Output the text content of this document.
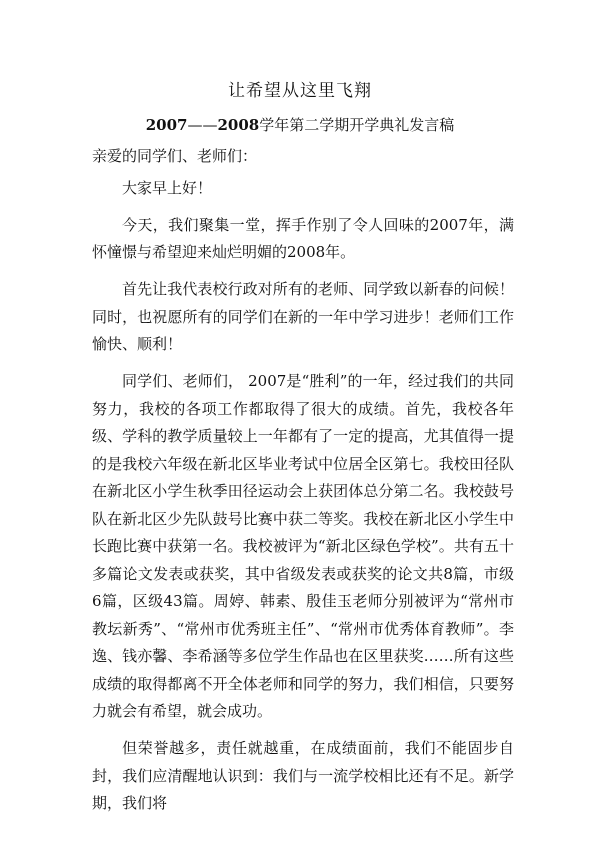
让希望从这里飞翔
2007——2008学年第二学期开学典礼发言稿

亲爱的同学们、老师们：

大家早上好！

今天，我们聚集一堂，挥手作别了令人回味的2007年，满怀憧憬与希望迎来灿烂明媚的2008年。

首先让我代表校行政对所有的老师、同学致以新春的问候！同时，也祝愿所有的同学们在新的一年中学习进步！老师们工作愉快、顺利！

同学们、老师们， 2007是“胜利”的一年，经过我们的共同努力，我校的各项工作都取得了很大的成绩。首先，我校各年级、学科的教学质量较上一年都有了一定的提高，尤其值得一提的是我校六年级在新北区毕业考试中位居全区第七。我校田径队在新北区小学生秋季田径运动会上获团体总分第二名。我校鼓号队在新北区少先队鼓号比赛中获二等奖。我校在新北区小学生中长跑比赛中获第一名。我校被评为“新北区绿色学校”。共有五十多篇论文发表或获奖，其中省级发表或获奖的论文共8篇，市级6篇，区级43篇。周婷、韩素、殷佳玉老师分别被评为“常州市教坛新秀”、“常州市优秀班主任”、“常州市优秀体育教师”。李逸、钱亦馨、李希涵等多位学生作品也在区里获奖……所有这些成绩的取得都离不开全体老师和同学的努力，我们相信，只要努力就会有希望，就会成功。

但荣誉越多，责任就越重，在成绩面前，我们不能固步自封，我们应清醒地认识到：我们与一流学校相比还有不足。新学期，我们将
